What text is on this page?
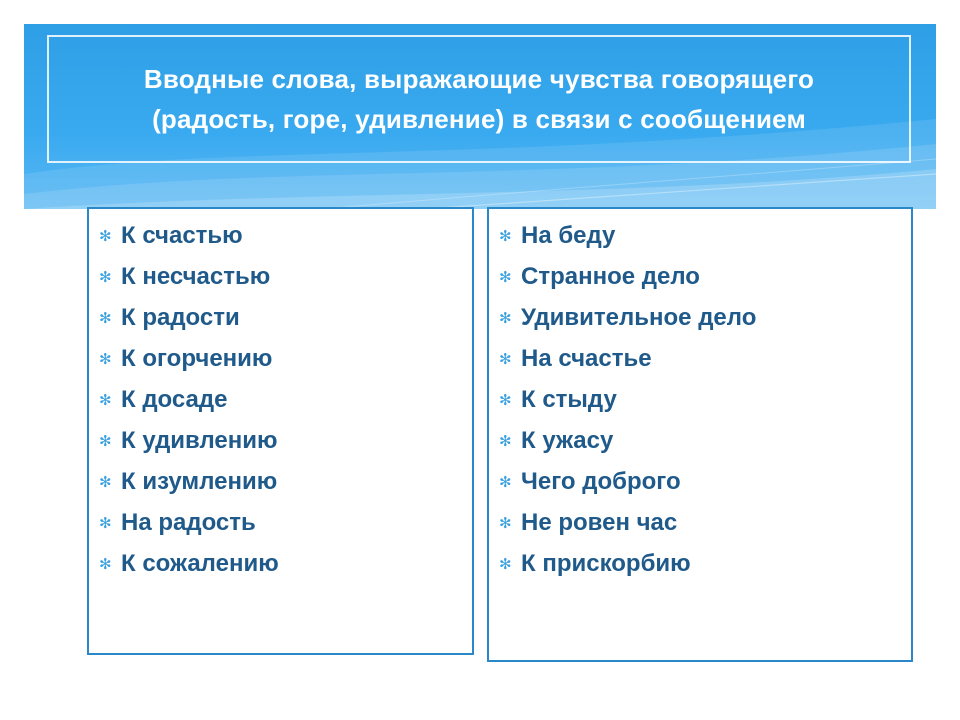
Вводные слова, выражающие чувства говорящего
(радость, горе, удивление) в связи с сообщением
✻ К счастью
✻ К несчастью
✻ К радости
✻ К огорчению
✻ К досаде
✻ К удивлению
✻ К изумлению
✻ На радость
✻ К сожалению
✻ На беду
✻ Странное дело
✻ Удивительное дело
✻ На счастье
✻ К стыду
✻ К ужасу
✻ Чего доброго
✻ Не ровен час
✻ К прискорбию
